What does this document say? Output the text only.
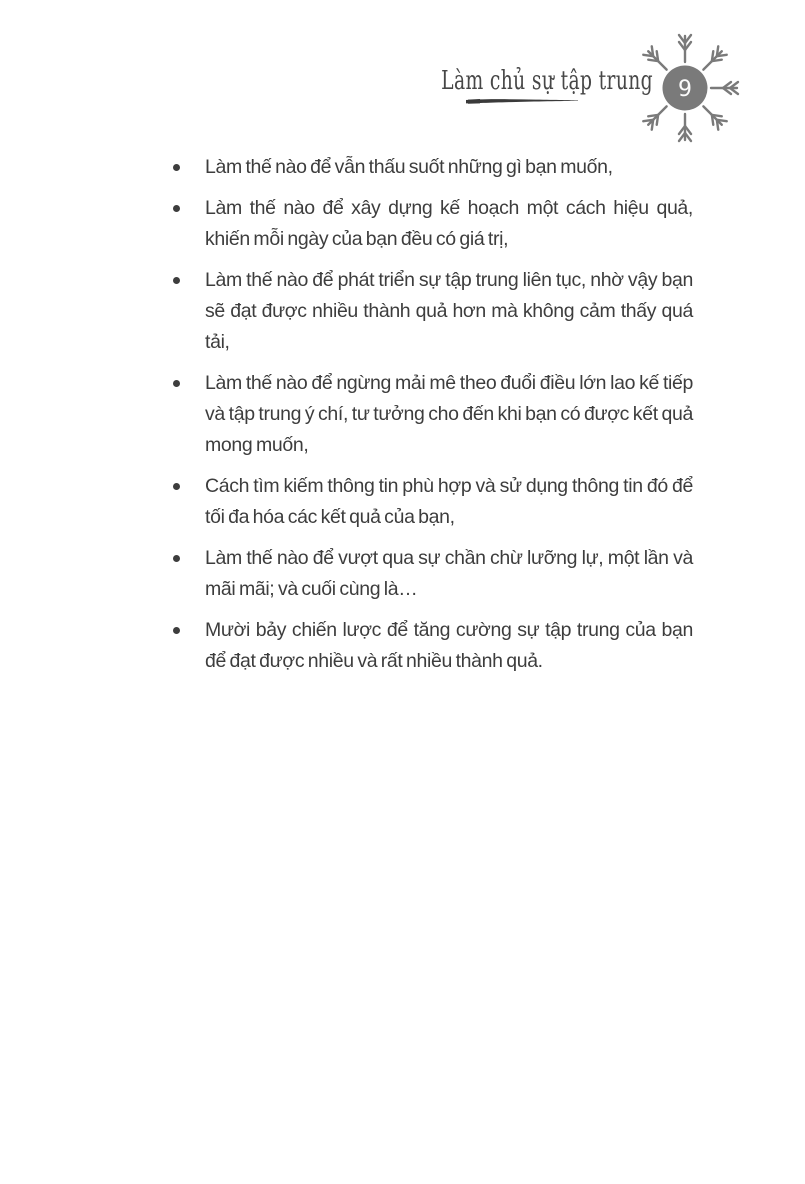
Làm chủ sự tập trung 9
Làm thế nào để vẫn thấu suốt những gì bạn muốn,
Làm thế nào để xây dựng kế hoạch một cách hiệu quả, khiến mỗi ngày của bạn đều có giá trị,
Làm thế nào để phát triển sự tập trung liên tục, nhờ vậy bạn sẽ đạt được nhiều thành quả hơn mà không cảm thấy quá tải,
Làm thế nào để ngừng mải mê theo đuổi điều lớn lao kế tiếp và tập trung ý chí, tư tưởng cho đến khi bạn có được kết quả mong muốn,
Cách tìm kiếm thông tin phù hợp và sử dụng thông tin đó để tối đa hóa các kết quả của bạn,
Làm thế nào để vượt qua sự chần chừ lưỡng lự, một lần và mãi mãi; và cuối cùng là…
Mười bảy chiến lược để tăng cường sự tập trung của bạn để đạt được nhiều và rất nhiều thành quả.
